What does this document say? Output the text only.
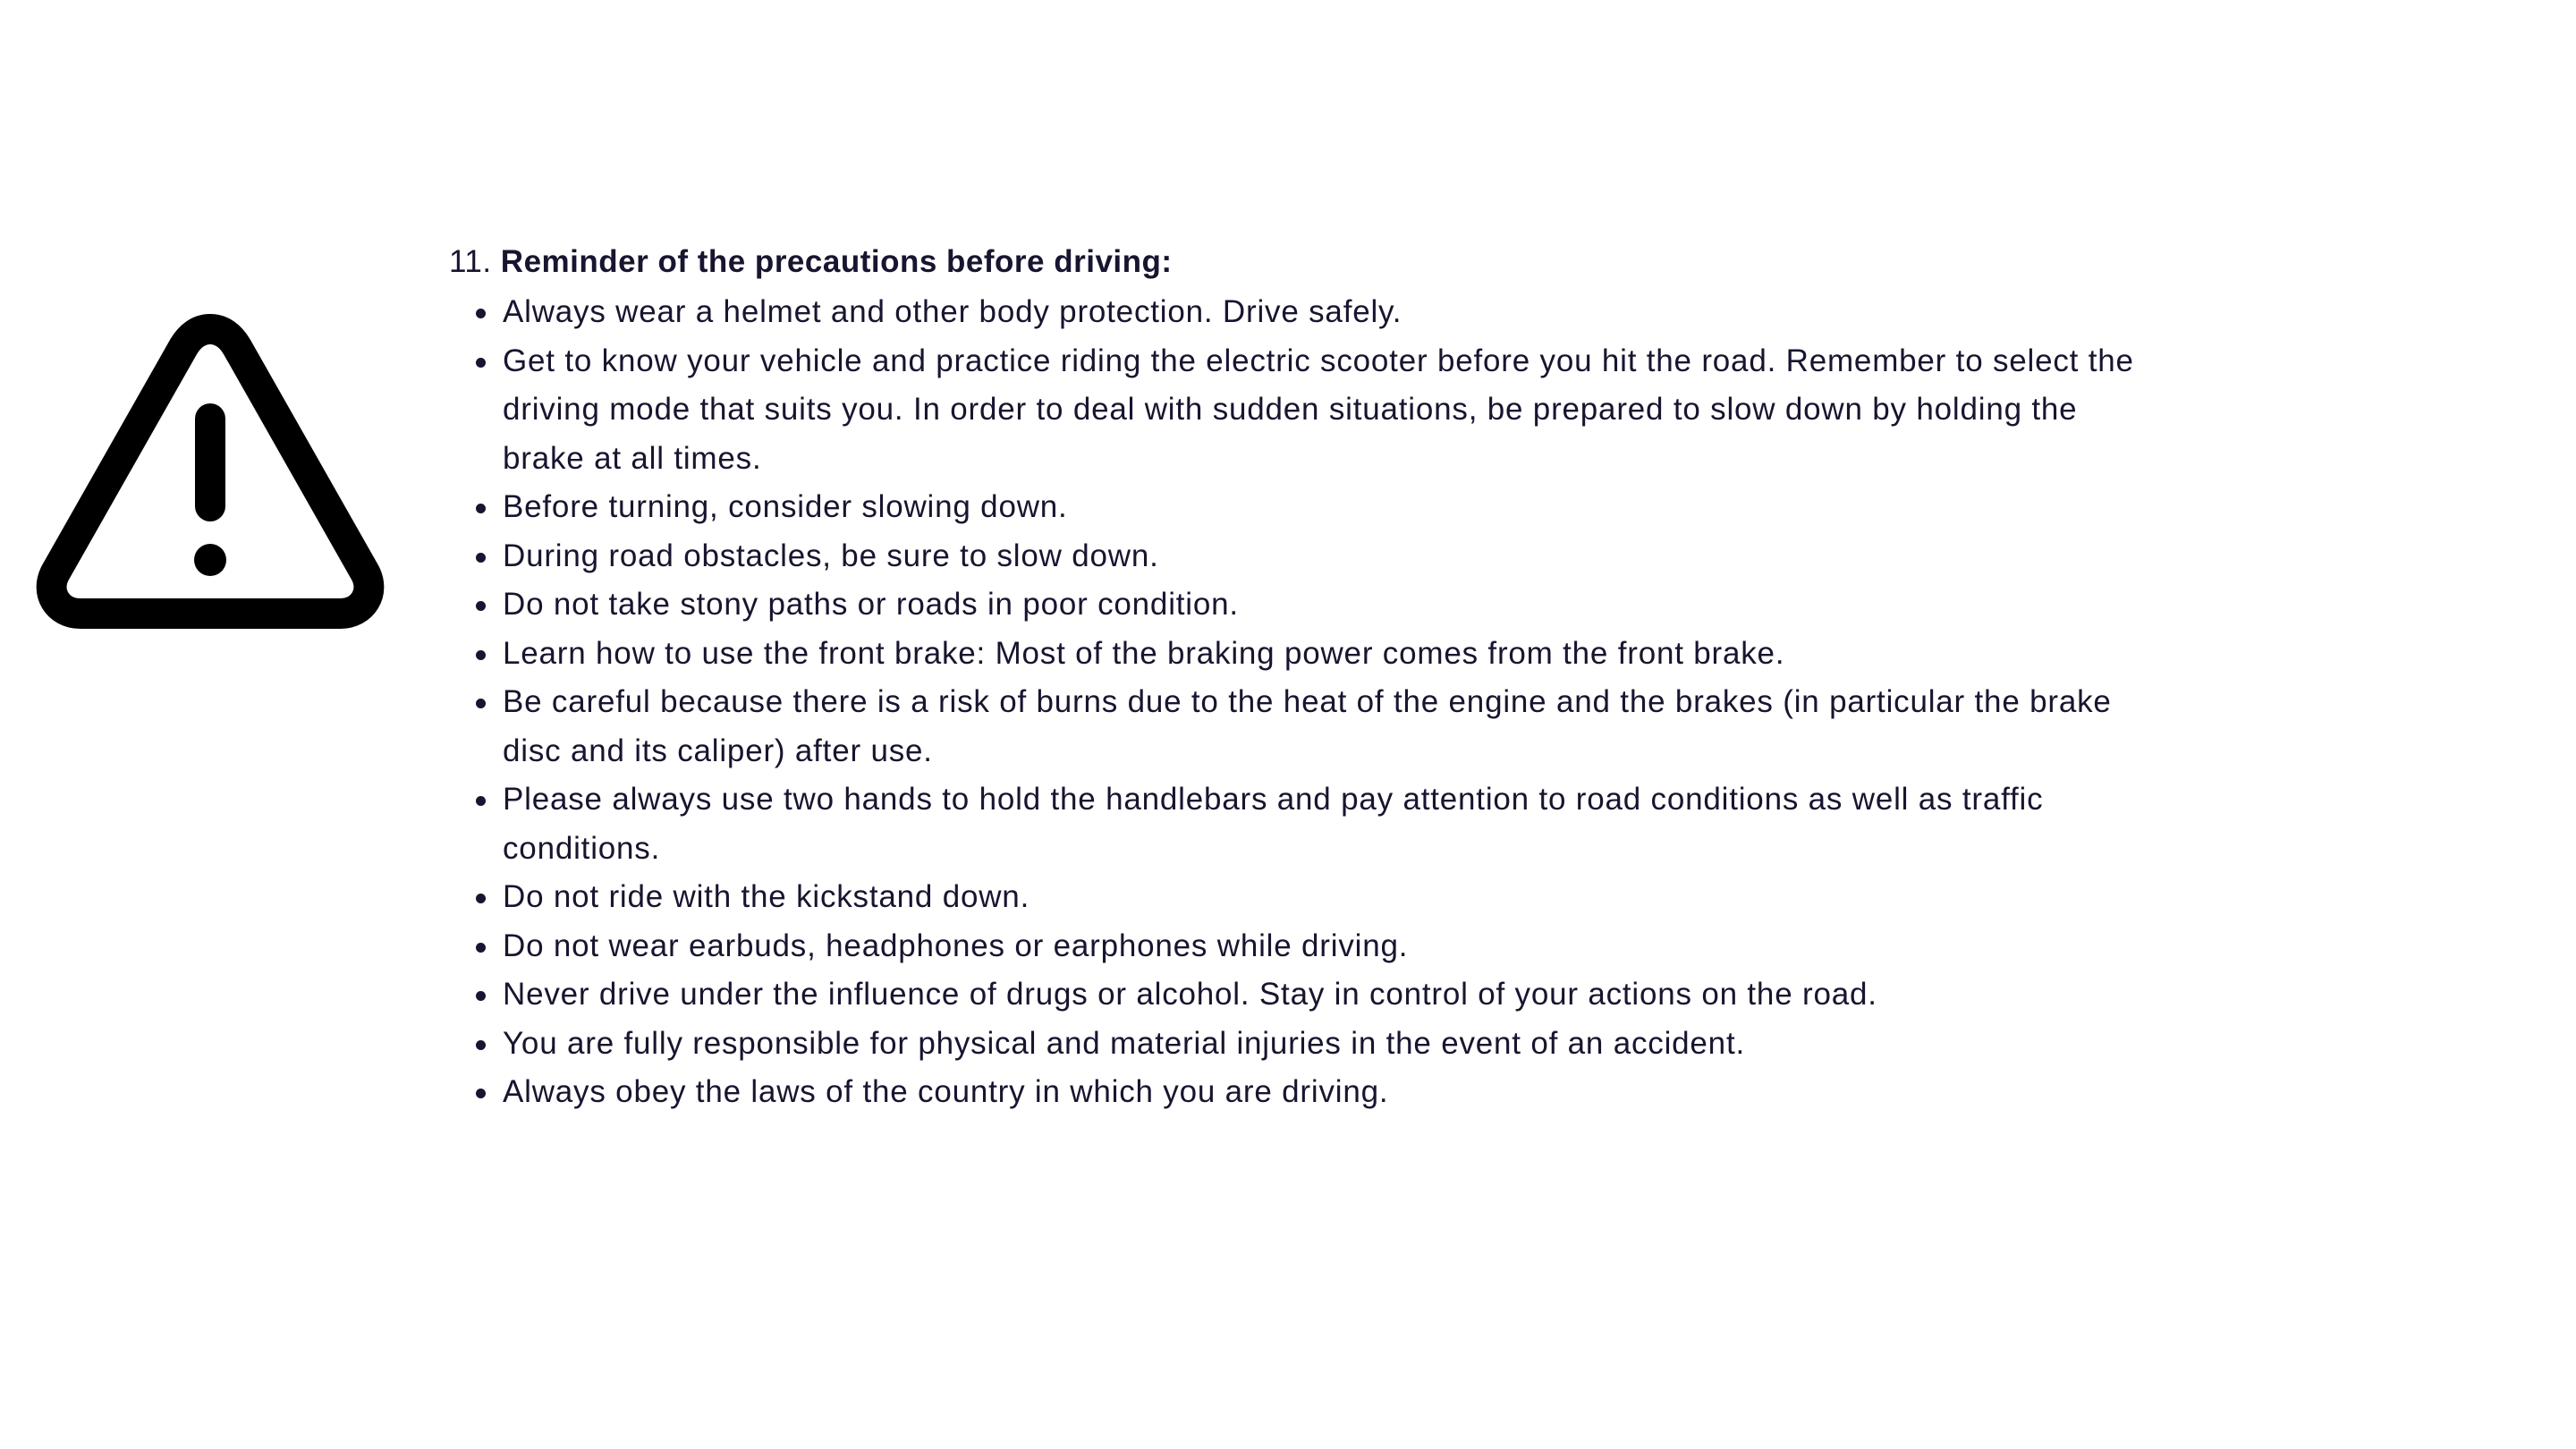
11. Reminder of the precautions before driving:
Always wear a helmet and other body protection. Drive safely.
Get to know your vehicle and practice riding the electric scooter before you hit the road. Remember to select the driving mode that suits you. In order to deal with sudden situations, be prepared to slow down by holding the brake at all times.
Before turning, consider slowing down.
During road obstacles, be sure to slow down.
Do not take stony paths or roads in poor condition.
Learn how to use the front brake: Most of the braking power comes from the front brake.
Be careful because there is a risk of burns due to the heat of the engine and the brakes (in particular the brake disc and its caliper) after use.
Please always use two hands to hold the handlebars and pay attention to road conditions as well as traffic conditions.
Do not ride with the kickstand down.
Do not wear earbuds, headphones or earphones while driving.
Never drive under the influence of drugs or alcohol. Stay in control of your actions on the road.
You are fully responsible for physical and material injuries in the event of an accident.
Always obey the laws of the country in which you are driving.
